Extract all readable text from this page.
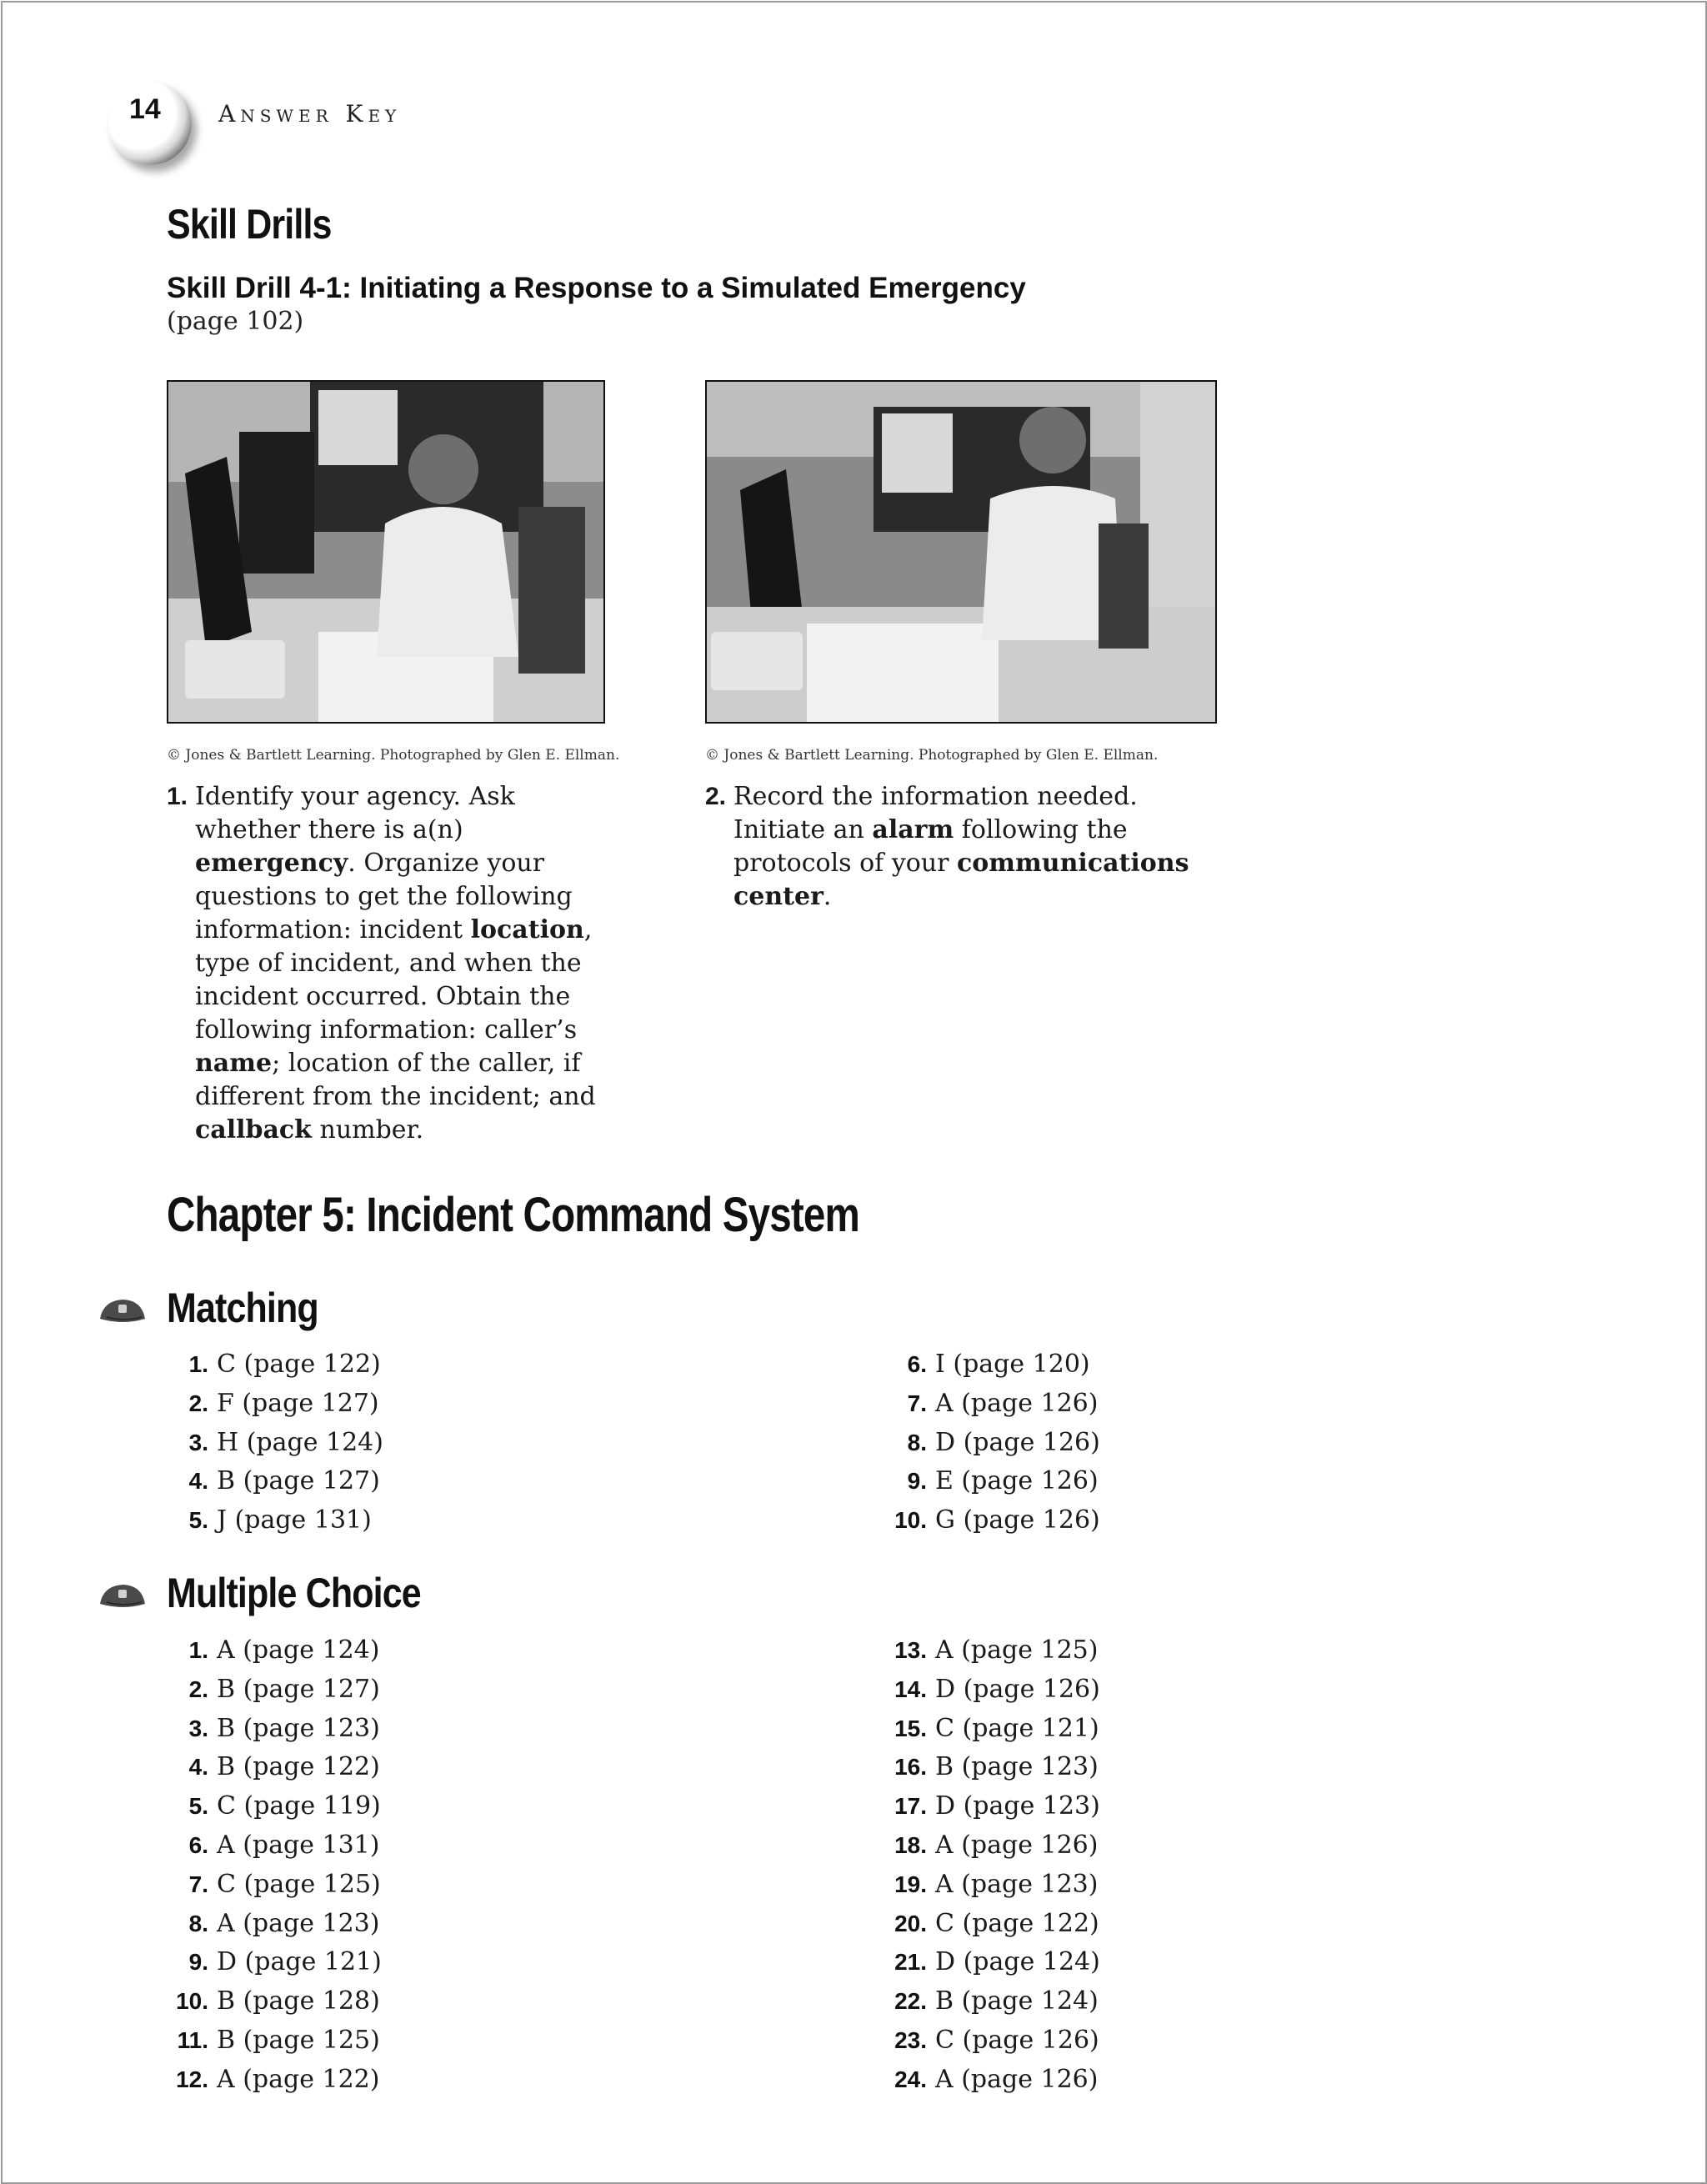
14 Answer Key
Skill Drills
Skill Drill 4-1: Initiating a Response to a Simulated Emergency
(page 102)
© Jones & Bartlett Learning. Photographed by Glen E. Ellman.	© Jones & Bartlett Learning. Photographed by Glen E. Ellman.
1. Identify your agency. Ask whether there is a(n) emergency. Organize your questions to get the following information: incident location, type of incident, and when the incident occurred. Obtain the following information: caller’s name; location of the caller, if different from the incident; and callback number.
2. Record the information needed. Initiate an alarm following the protocols of your communications center.
Chapter 5: Incident Command System
Matching
1. C (page 122)
2. F (page 127)
3. H (page 124)
4. B (page 127)
5. J (page 131)
6. I (page 120)
7. A (page 126)
8. D (page 126)
9. E (page 126)
10. G (page 126)
Multiple Choice
1. A (page 124)
2. B (page 127)
3. B (page 123)
4. B (page 122)
5. C (page 119)
6. A (page 131)
7. C (page 125)
8. A (page 123)
9. D (page 121)
10. B (page 128)
11. B (page 125)
12. A (page 122)
13. A (page 125)
14. D (page 126)
15. C (page 121)
16. B (page 123)
17. D (page 123)
18. A (page 126)
19. A (page 123)
20. C (page 122)
21. D (page 124)
22. B (page 124)
23. C (page 126)
24. A (page 126)
